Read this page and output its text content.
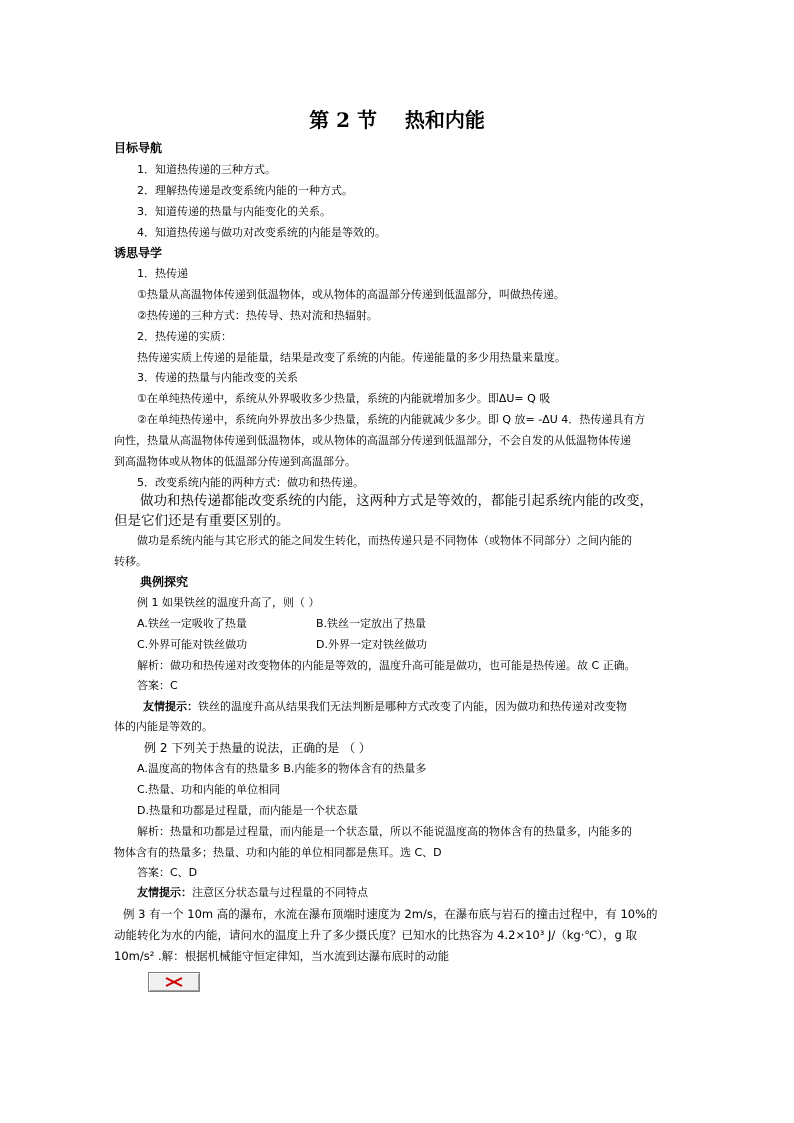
第 2 节    热和内能
目标导航
1．知道热传递的三种方式。
2．理解热传递是改变系统内能的一种方式。
3．知道传递的热量与内能变化的关系。
4．知道热传递与做功对改变系统的内能是等效的。
诱思导学
1．热传递
①热量从高温物体传递到低温物体，或从物体的高温部分传递到低温部分，叫做热传递。
②热传递的三种方式：热传导、热对流和热辐射。
2．热传递的实质：
热传递实质上传递的是能量，结果是改变了系统的内能。传递能量的多少用热量来量度。
3．传递的热量与内能改变的关系
①在单纯热传递中，系统从外界吸收多少热量，系统的内能就增加多少。即ΔU= Q 吸
②在单纯热传递中，系统向外界放出多少热量，系统的内能就减少多少。即 Q 放= -ΔU 4．热传递具有方
向性，热量从高温物体传递到低温物体，或从物体的高温部分传递到低温部分，不会自发的从低温物体传递
到高温物体或从物体的低温部分传递到高温部分。
5．改变系统内能的两种方式：做功和热传递。
做功和热传递都能改变系统的内能，这两种方式是等效的，都能引起系统内能的改变，
但是它们还是有重要区别的。
做功是系统内能与其它形式的能之间发生转化，而热传递只是不同物体（或物体不同部分）之间内能的
转移。
典例探究
例 1 如果铁丝的温度升高了，则（ ）
A.铁丝一定吸收了热量	B.铁丝一定放出了热量
C.外界可能对铁丝做功	D.外界一定对铁丝做功
解析：做功和热传递对改变物体的内能是等效的，温度升高可能是做功，也可能是热传递。故 C 正确。
答案：C
友情提示：铁丝的温度升高从结果我们无法判断是哪种方式改变了内能，因为做功和热传递对改变物
体的内能是等效的。
例 2 下列关于热量的说法，正确的是 （ ）
A.温度高的物体含有的热量多 B.内能多的物体含有的热量多
C.热量、功和内能的单位相同
D.热量和功都是过程量，而内能是一个状态量
解析：热量和功都是过程量，而内能是一个状态量，所以不能说温度高的物体含有的热量多，内能多的
物体含有的热量多；热量、功和内能的单位相同都是焦耳。选 C、D
答案：C、D
友情提示：注意区分状态量与过程量的不同特点
例 3 有一个 10m 高的瀑布，水流在瀑布顶端时速度为 2m/s，在瀑布底与岩石的撞击过程中，有 10%的
动能转化为水的内能，请问水的温度上升了多少摄氏度？已知水的比热容为 4.2×10³ J/（kg·℃），g 取
10m/s² .解：根据机械能守恒定律知，当水流到达瀑布底时的动能
